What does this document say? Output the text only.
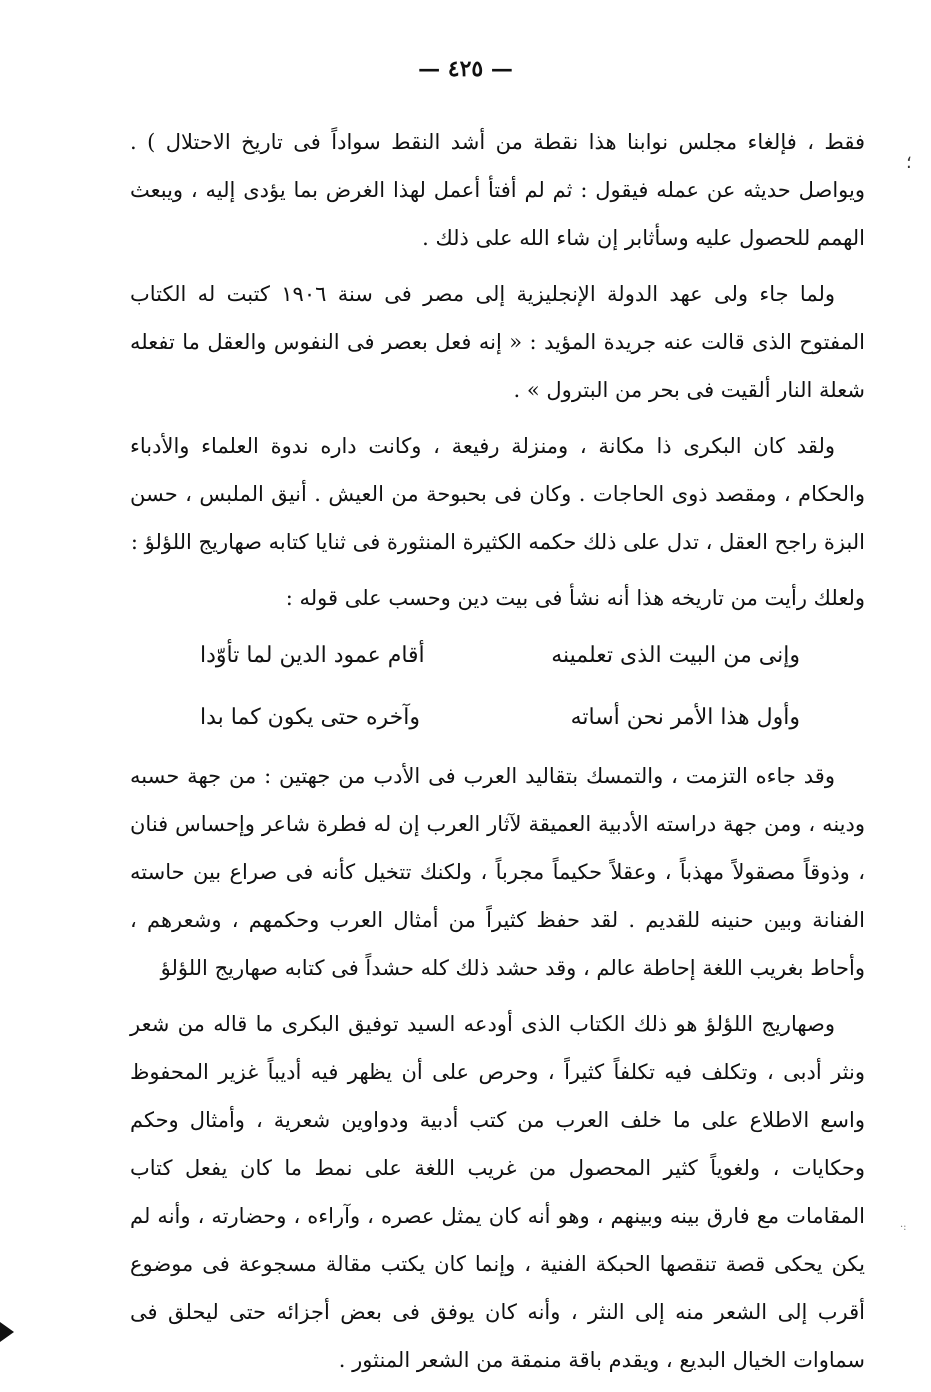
— ٤٢٥ —
؛

فقط ، فإلغاء مجلس نوابنا هذا نقطة من أشد النقط سواداً فى تاريخ الاحتلال ) . ويواصل حديثه عن عمله فيقول : ثم لم أفتأ أعمل لهذا الغرض بما يؤدى إليه ، ويبعث الهمم للحصول عليه وسأثابر إن شاء الله على ذلك .

ولما جاء ولى عهد الدولة الإنجليزية إلى مصر فى سنة ١٩٠٦ كتبت له الكتاب المفتوح الذى قالت عنه جريدة المؤيد : « إنه فعل بعصر فى النفوس والعقل ما تفعله شعلة النار ألقيت فى بحر من البترول » .

ولقد كان البكرى ذا مكانة ، ومنزلة رفيعة ، وكانت داره ندوة العلماء والأدباء والحكام ، ومقصد ذوى الحاجات . وكان فى بحبوحة من العيش . أنيق الملبس ، حسن البزة راجح العقل ، تدل على ذلك حكمه الكثيرة المنثورة فى ثنايا كتابه صهاريج اللؤلؤ :

ولعلك رأيت من تاريخه هذا أنه نشأ فى بيت دين وحسب على قوله :

وإنى من البيت الذى تعلمينه
أقام عمود الدين لما تأوّدا
وأول هذا الأمر نحن أساته
وآخره حتى يكون كما بدا

وقد جاءه التزمت ، والتمسك بتقاليد العرب فى الأدب من جهتين : من جهة حسبه ودينه ، ومن جهة دراسته الأدبية العميقة لآثار العرب إن له فطرة شاعر وإحساس فنان ، وذوقاً مصقولاً مهذباً ، وعقلاً حكيماً مجرباً ، ولكنك تتخيل كأنه فى صراع بين حاسته الفنانة وبين حنينه للقديم . لقد حفظ كثيراً من أمثال العرب وحكمهم ، وشعرهم ، وأحاط بغريب اللغة إحاطة عالم ، وقد حشد ذلك كله حشداً فى كتابه صهاريج اللؤلؤ

وصهاريج اللؤلؤ هو ذلك الكتاب الذى أودعه السيد توفيق البكرى ما قاله من شعر ونثر أدبى ، وتكلف فيه تكلفاً كثيراً ، وحرص على أن يظهر فيه أديباً غزير المحفوظ واسع الاطلاع على ما خلف العرب من كتب أدبية ودواوين شعرية ، وأمثال وحكم وحكايات ، ولغوياً كثير المحصول من غريب اللغة على نمط ما كان يفعل كتاب المقامات مع فارق بينه وبينهم ، وهو أنه كان يمثل عصره ، وآراءه ، وحضارته ، وأنه لم يكن يحكى قصة تنقصها الحبكة الفنية ، وإنما كان يكتب مقالة مسجوعة فى موضوع أقرب إلى الشعر منه إلى النثر ، وأنه كان يوفق فى بعض أجزائه حتى ليحلق فى سماوات الخيال البديع ، ويقدم باقة منمقة من الشعر المنثور .

·:
